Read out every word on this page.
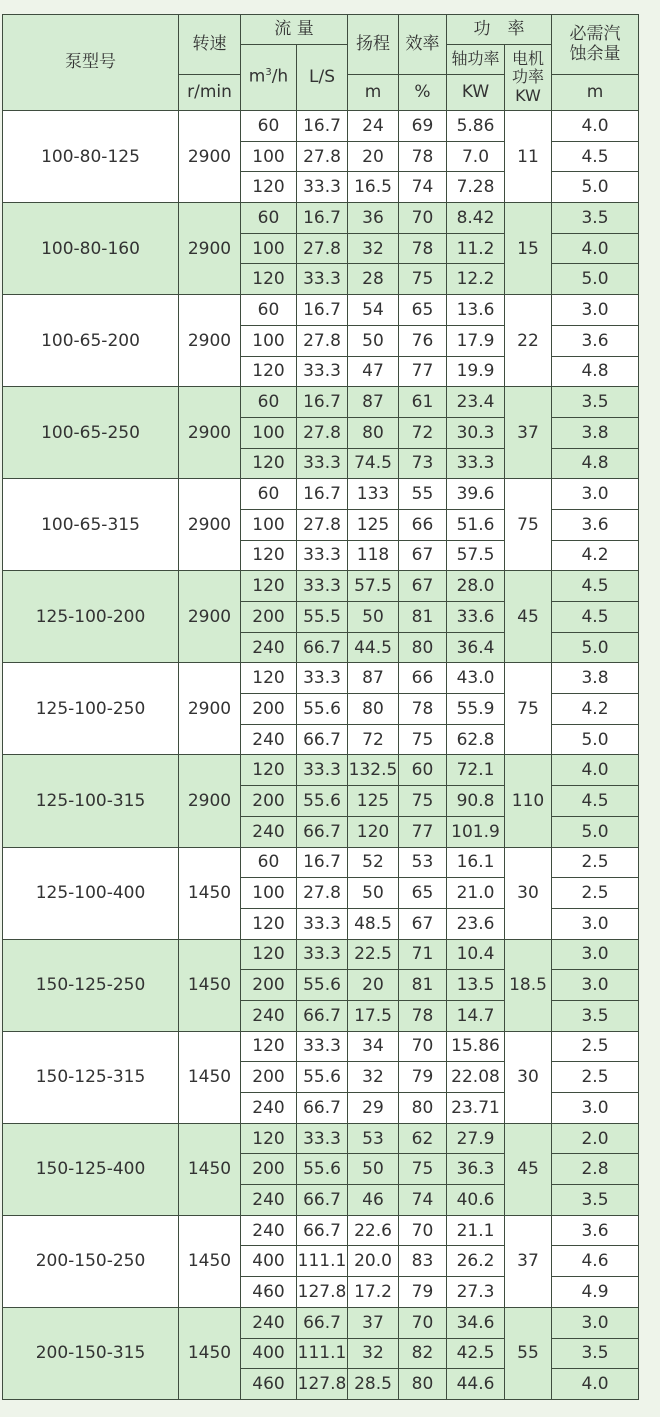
泵型号	转速	流 量		扬程	效率	功　率		必需汽
蚀余量

		$m^3/h$	L/S			轴功率	电机
功率
KW	

	r/min			m	%	KW		m
100-80-125	2900	60	16.7	24	69	5.86	11	4.0
		100	27.8	20	78	7.0		4.5
		120	33.3	16.5	74	7.28		5.0
100-80-160	2900	60	16.7	36	70	8.42	15	3.5
		100	27.8	32	78	11.2		4.0
		120	33.3	28	75	12.2		5.0
100-65-200	2900	60	16.7	54	65	13.6	22	3.0
		100	27.8	50	76	17.9		3.6
		120	33.3	47	77	19.9		4.8
100-65-250	2900	60	16.7	87	61	23.4	37	3.5
		100	27.8	80	72	30.3		3.8
		120	33.3	74.5	73	33.3		4.8
100-65-315	2900	60	16.7	133	55	39.6	75	3.0
		100	27.8	125	66	51.6		3.6
		120	33.3	118	67	57.5		4.2
125-100-200	2900	120	33.3	57.5	67	28.0	45	4.5
		200	55.5	50	81	33.6		4.5
		240	66.7	44.5	80	36.4		5.0
125-100-250	2900	120	33.3	87	66	43.0	75	3.8
		200	55.6	80	78	55.9		4.2
		240	66.7	72	75	62.8		5.0
125-100-315	2900	120	33.3	132.5	60	72.1	110	4.0
		200	55.6	125	75	90.8		4.5
		240	66.7	120	77	101.9		5.0
125-100-400	1450	60	16.7	52	53	16.1	30	2.5
		100	27.8	50	65	21.0		2.5
		120	33.3	48.5	67	23.6		3.0
150-125-250	1450	120	33.3	22.5	71	10.4	18.5	3.0
		200	55.6	20	81	13.5		3.0
		240	66.7	17.5	78	14.7		3.5
150-125-315	1450	120	33.3	34	70	15.86	30	2.5
		200	55.6	32	79	22.08		2.5
		240	66.7	29	80	23.71		3.0
150-125-400	1450	120	33.3	53	62	27.9	45	2.0
		200	55.6	50	75	36.3		2.8
		240	66.7	46	74	40.6		3.5
200-150-250	1450	240	66.7	22.6	70	21.1	37	3.6
		400	111.1	20.0	83	26.2		4.6
		460	127.8	17.2	79	27.3		4.9
200-150-315	1450	240	66.7	37	70	34.6	55	3.0
		400	111.1	32	82	42.5		3.5
		460	127.8	28.5	80	44.6		4.0
